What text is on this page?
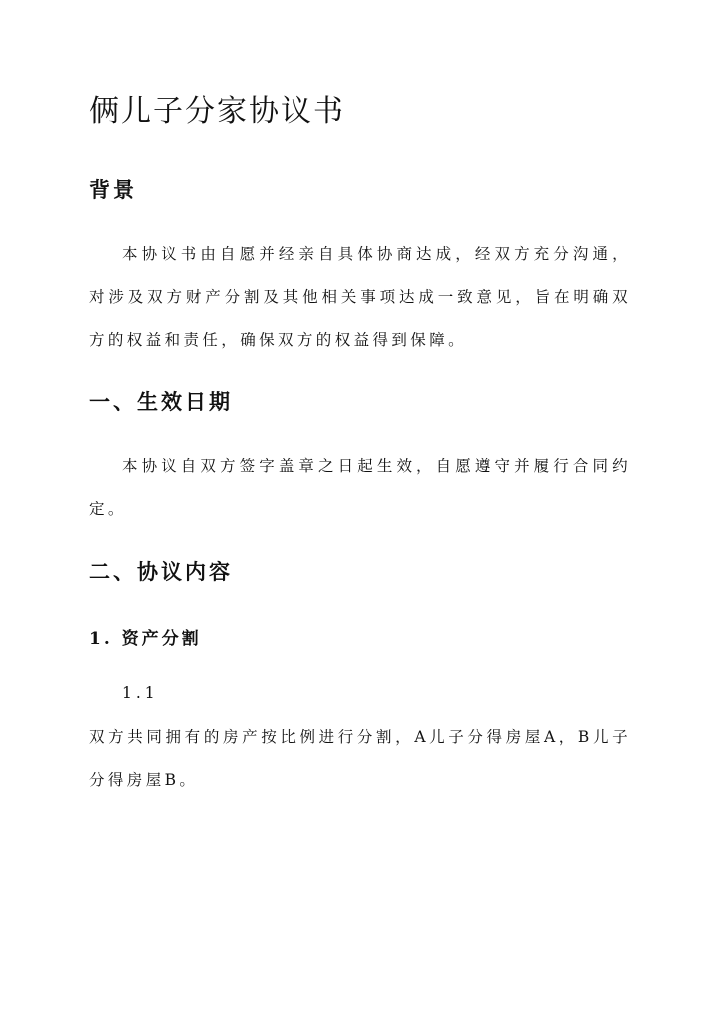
俩儿子分家协议书
背景

本协议书由自愿并经亲自具体协商达成，经双方充分沟通，对涉及双方财产分割及其他相关事项达成一致意见，旨在明确双方的权益和责任，确保双方的权益得到保障。

一、生效日期

本协议自双方签字盖章之日起生效，自愿遵守并履行合同约定。

二、协议内容
1. 资产分割

1.1

双方共同拥有的房产按比例进行分割，A儿子分得房屋A，B儿子分得房屋B。
